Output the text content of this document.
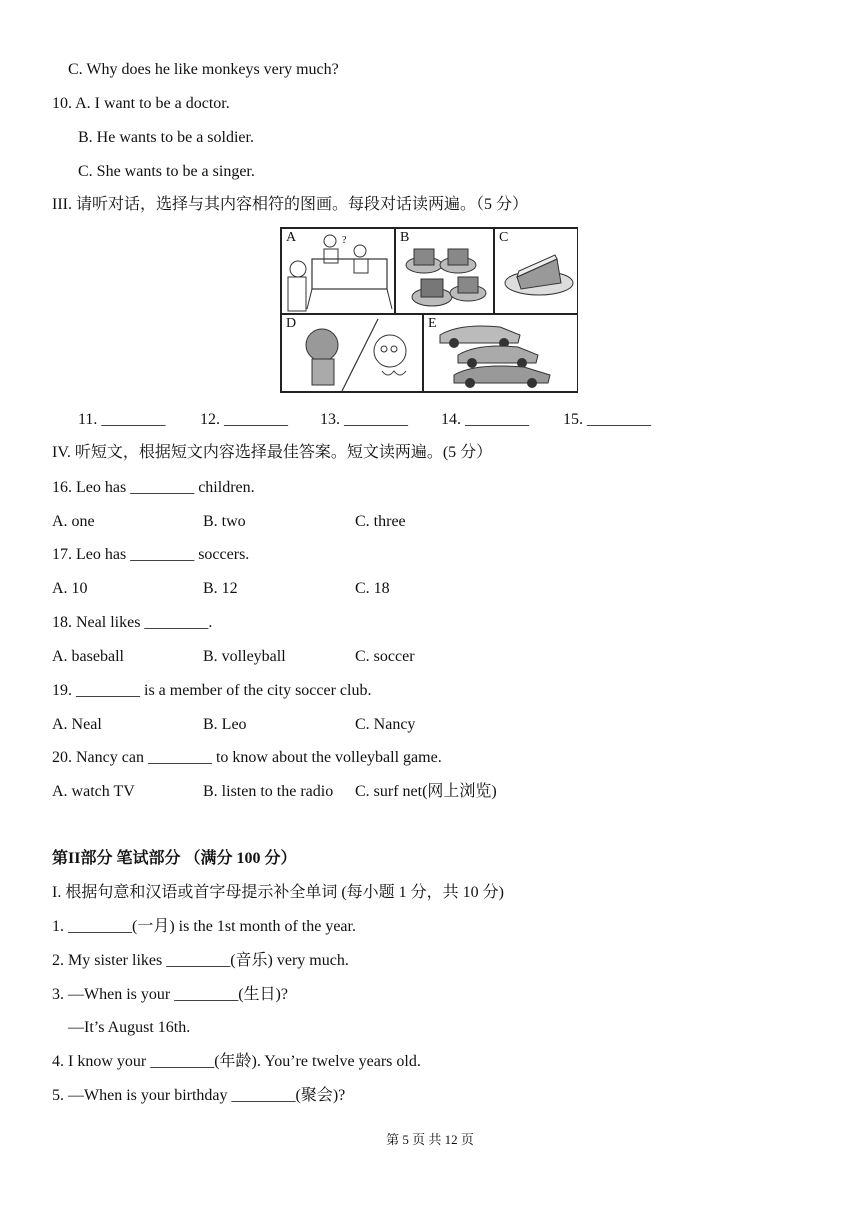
C. Why does he like monkeys very much?
10. A. I want to be a doctor.
B. He wants to be a soldier.
C. She wants to be a singer.
III. 请听对话，选择与其内容相符的图画。每段对话读两遍。（5 分）
A	?	B	C
D	E
11. ________ 12. ________ 13. ________ 14. ________ 15. ________
IV. 听短文，根据短文内容选择最佳答案。短文读两遍。(5 分）
16. Leo has ________ children.
A. one	B. two	C. three
17. Leo has ________ soccers.
A. 10	B. 12	C. 18
18. Neal likes ________.
A. baseball	B. volleyball	C. soccer
19. ________ is a member of the city soccer club.
A. Neal	B. Leo	C. Nancy
20. Nancy can ________ to know about the volleyball game.
A. watch TV	B. listen to the radio C. surf net(网上浏览)
第II部分 笔试部分 （满分 100 分）
I. 根据句意和汉语或首字母提示补全单词 (每小题 1 分，共 10 分)
1. ________(一月) is the 1st month of the year.
2. My sister likes ________(音乐) very much.
3. —When is your ________(生日)?
—It’s August 16th.
4. I know your ________(年龄). You’re twelve years old.
5. —When is your birthday ________(聚会)?
第 5 页 共 12 页
